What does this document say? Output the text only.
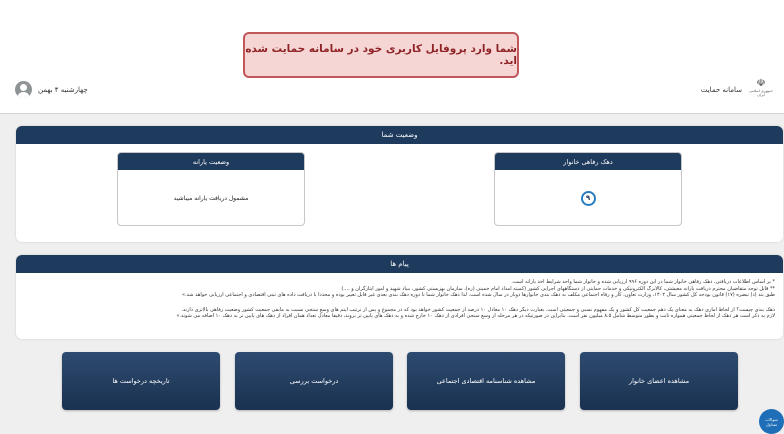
شما وارد پروفایل کاربری خود در سامانه حمایت شده اید.
چهارشنبه ۴ بهمن	سامانه حمایت
☫
جمهوری اسلامی ایران
وضعیت شما
دهک رفاهی خانوار
۹
وضعیت یارانه
مشمول دریافت یارانه میباشید
پیام ها

* بر اساس اطلاعات دریافتی، دهک رفاهی خانوار شما در این دوره ۹۹۶ ارزیابی شده و خانوار شما واجد شرایط اخذ یارانه است.

** قابل توجه متقاضیان محترم دریافت یارانه معیشتی، کالابرگ الکترونیکی و خدمات حمایتی از دستگاههای اجرایی کشور (کمیته امداد امام خمینی (ره)، سازمان بهزیستی کشور، بنیاد شهید و امور ایثارگران و ....)

طبق بند (د) تبصره (۱۷) قانون بودجه کل کشور سال ۱۴۰۲، وزارت تعاون، کار و رفاه اجتماعی مکلف به دهک بندی خانوارها دوبار در سال شده است. لذا دهک خانوار شما تا دوره دهک بندی بعدی غیر قابل تغییر بوده و مجدداً با دریافت داده های ثبتی اقتصادی و اجتماعی ارزیابی خواهد شد.»

دهک بندی چیست؟ از لحاظ آماری دهک به معنای یک دهم جمعیت کل کشور و یک مفهوم نسبی و جمعیتی است. بعبارت دیگر دهک ۱۰ معادل ۱۰ درصد از جمعیت کشور خواهد بود که در مجموع و پس از ترتیب آیتم های وسع سنجی نسبت به مابقی جمعیت کشور وضعیت رفاهی بالاتری دارند.

لازم به ذکر است هر دهک از لحاظ جمعیتی همواره ثابت و بطور متوسط شامل ۸.۵ میلیون نفر است. بنابراین در صورتیکه در هر مرحله از وسع سنجی افرادی از دهک ۱۰ خارج شده و به دهک های پایین تر بروند، دقیقاً معادل تعداد همان افراد از دهک های پایین تر به دهک ۱۰ اضافه می شوند.»

مشاهده اعضای خانوار
مشاهده شناسنامه اقتصادی اجتماعی
درخواست بررسی
تاریخچه درخواست ها
سوالات متداول
